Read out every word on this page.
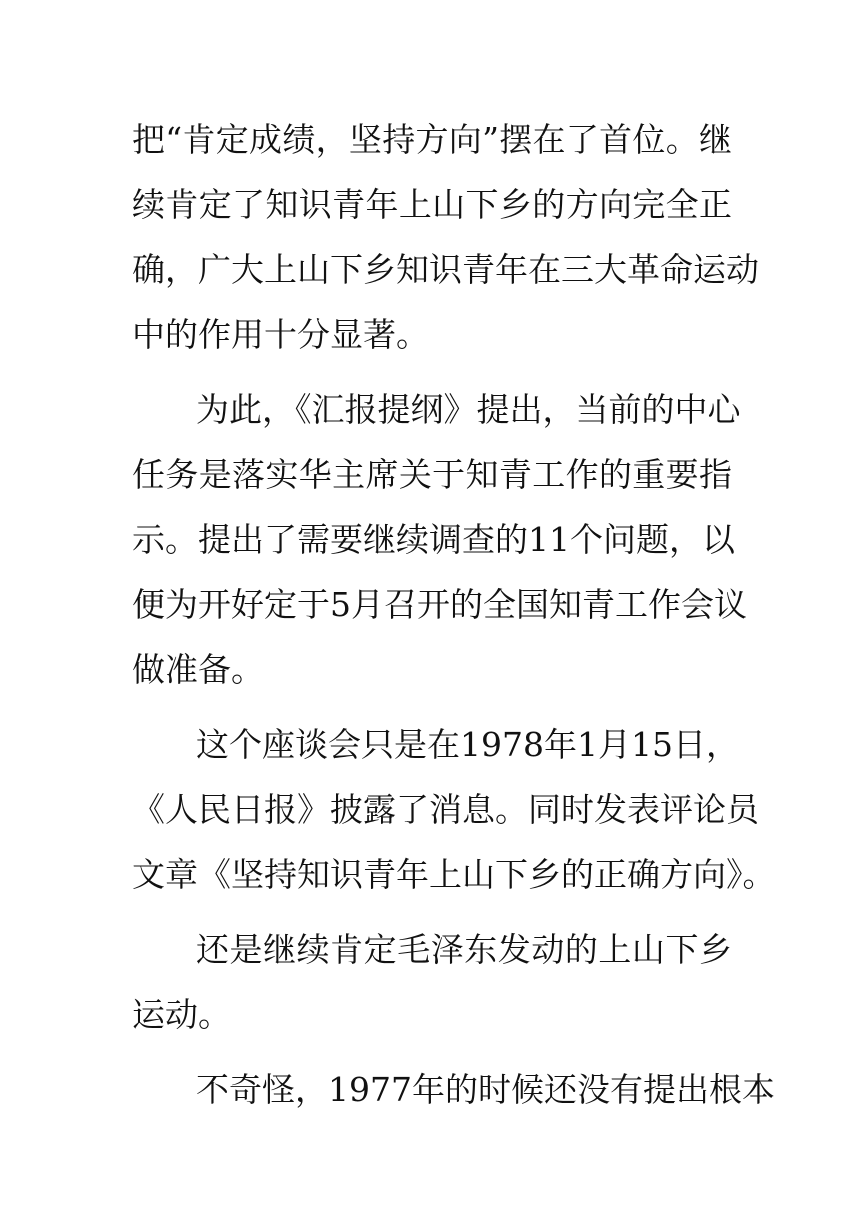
把“肯定成绩，坚持方向”摆在了首位。继
续肯定了知识青年上山下乡的方向完全正
确，广大上山下乡知识青年在三大革命运动
中的作用十分显著。
为此，《汇报提纲》提出，当前的中心
任务是落实华主席关于知青工作的重要指
示。提出了需要继续调查的11个问题，以
便为开好定于5月召开的全国知青工作会议
做准备。
这个座谈会只是在1978年1月15日，
《人民日报》披露了消息。同时发表评论员
文章《坚持知识青年上山下乡的正确方向》。
还是继续肯定毛泽东发动的上山下乡
运动。
不奇怪，1977年的时候还没有提出根本
